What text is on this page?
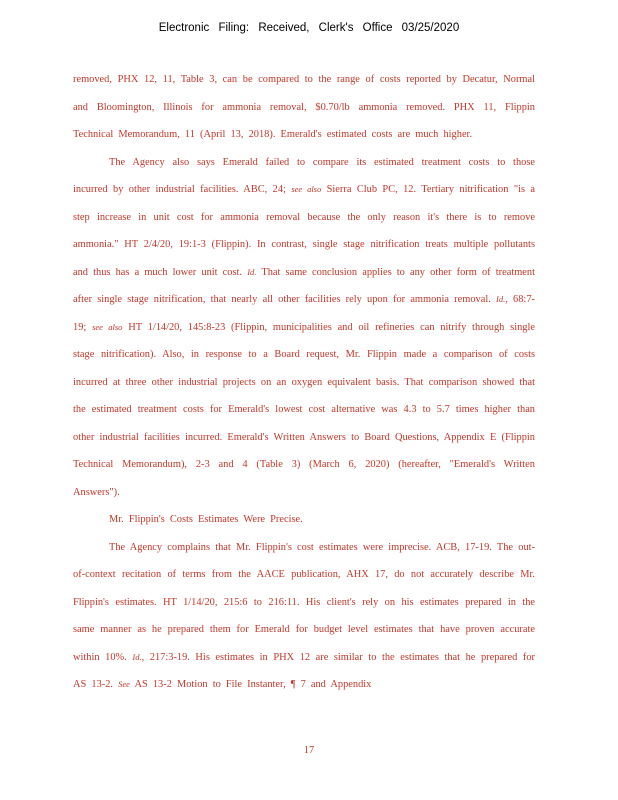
Electronic Filing: Received, Clerk's Office 03/25/2020

removed, PHX 12, 11, Table 3, can be compared to the range of costs reported by Decatur, Normal and Bloomington, Illinois for ammonia removal, $0.70/lb ammonia removed. PHX 11, Flippin Technical Memorandum, 11 (April 13, 2018). Emerald's estimated costs are much higher.

The Agency also says Emerald failed to compare its estimated treatment costs to those incurred by other industrial facilities. ABC, 24; see also Sierra Club PC, 12. Tertiary nitrification "is a step increase in unit cost for ammonia removal because the only reason it's there is to remove ammonia." HT 2/4/20, 19:1-3 (Flippin). In contrast, single stage nitrification treats multiple pollutants and thus has a much lower unit cost. Id. That same conclusion applies to any other form of treatment after single stage nitrification, that nearly all other facilities rely upon for ammonia removal. Id., 68:7-19; see also HT 1/14/20, 145:8-23 (Flippin, municipalities and oil refineries can nitrify through single stage nitrification). Also, in response to a Board request, Mr. Flippin made a comparison of costs incurred at three other industrial projects on an oxygen equivalent basis. That comparison showed that the estimated treatment costs for Emerald's lowest cost alternative was 4.3 to 5.7 times higher than other industrial facilities incurred. Emerald's Written Answers to Board Questions, Appendix E (Flippin Technical Memorandum), 2-3 and 4 (Table 3) (March 6, 2020) (hereafter, "Emerald's Written Answers").

Mr. Flippin's Costs Estimates Were Precise.

The Agency complains that Mr. Flippin's cost estimates were imprecise. ACB, 17-19. The out-of-context recitation of terms from the AACE publication, AHX 17, do not accurately describe Mr. Flippin's estimates. HT 1/14/20, 215:6 to 216:11. His client's rely on his estimates prepared in the same manner as he prepared them for Emerald for budget level estimates that have proven accurate within 10%. Id., 217:3-19. His estimates in PHX 12 are similar to the estimates that he prepared for AS 13-2. See AS 13-2 Motion to File Instanter, ¶ 7 and Appendix

17
